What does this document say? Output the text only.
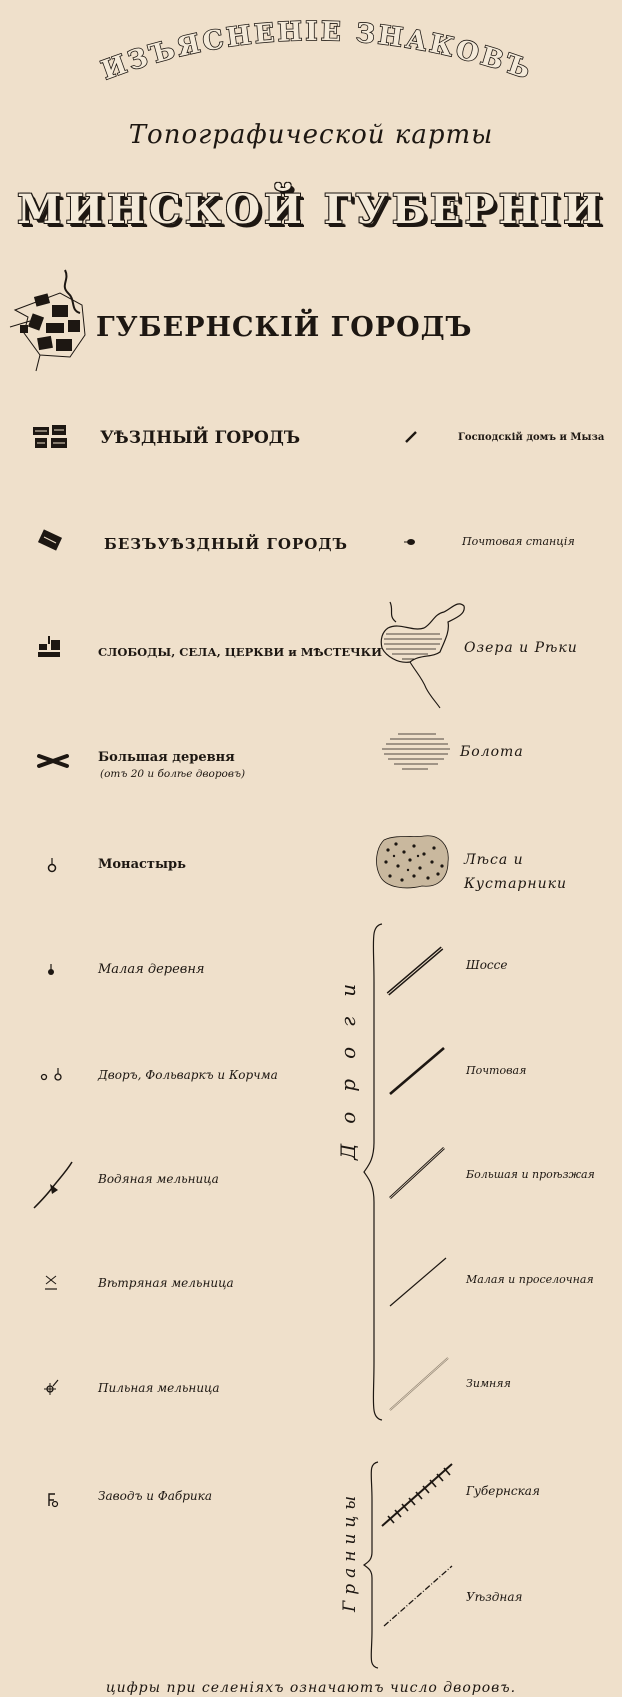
ИЗЪЯСНЕНІЕ ЗНАКОВЪ
Топографической карты
МИНСКОЙ ГУБЕРНІИ
ГУБЕРНСКІЙ ГОРОДЪ
УѢЗДНЫЙ ГОРОДЪ
БЕЗЪУѢЗДНЫЙ ГОРОДЪ
СЛОБОДЫ, СЕЛА, ЦЕРКВИ и МѢСТЕЧКИ
Большая деревня
(отъ 20 и болѣе дворовъ)
Монастырь
Малая деревня
Дворъ, Фольваркъ и Корчма
Водяная мельница
Вѣтряная мельница
Пильная мельница
Заводъ и Фабрика
Господскій домъ и Мыза
Почтовая станція
Озера и Рѣки
Болота
Лѣса и
Кустарники
Дороги	Шоссе
Почтовая
Большая и проѣзжая
Малая и проселочная
Зимняя
Границы	Губернская
Уѣздная
цифры при селеніяхъ означаютъ число дворовъ.
